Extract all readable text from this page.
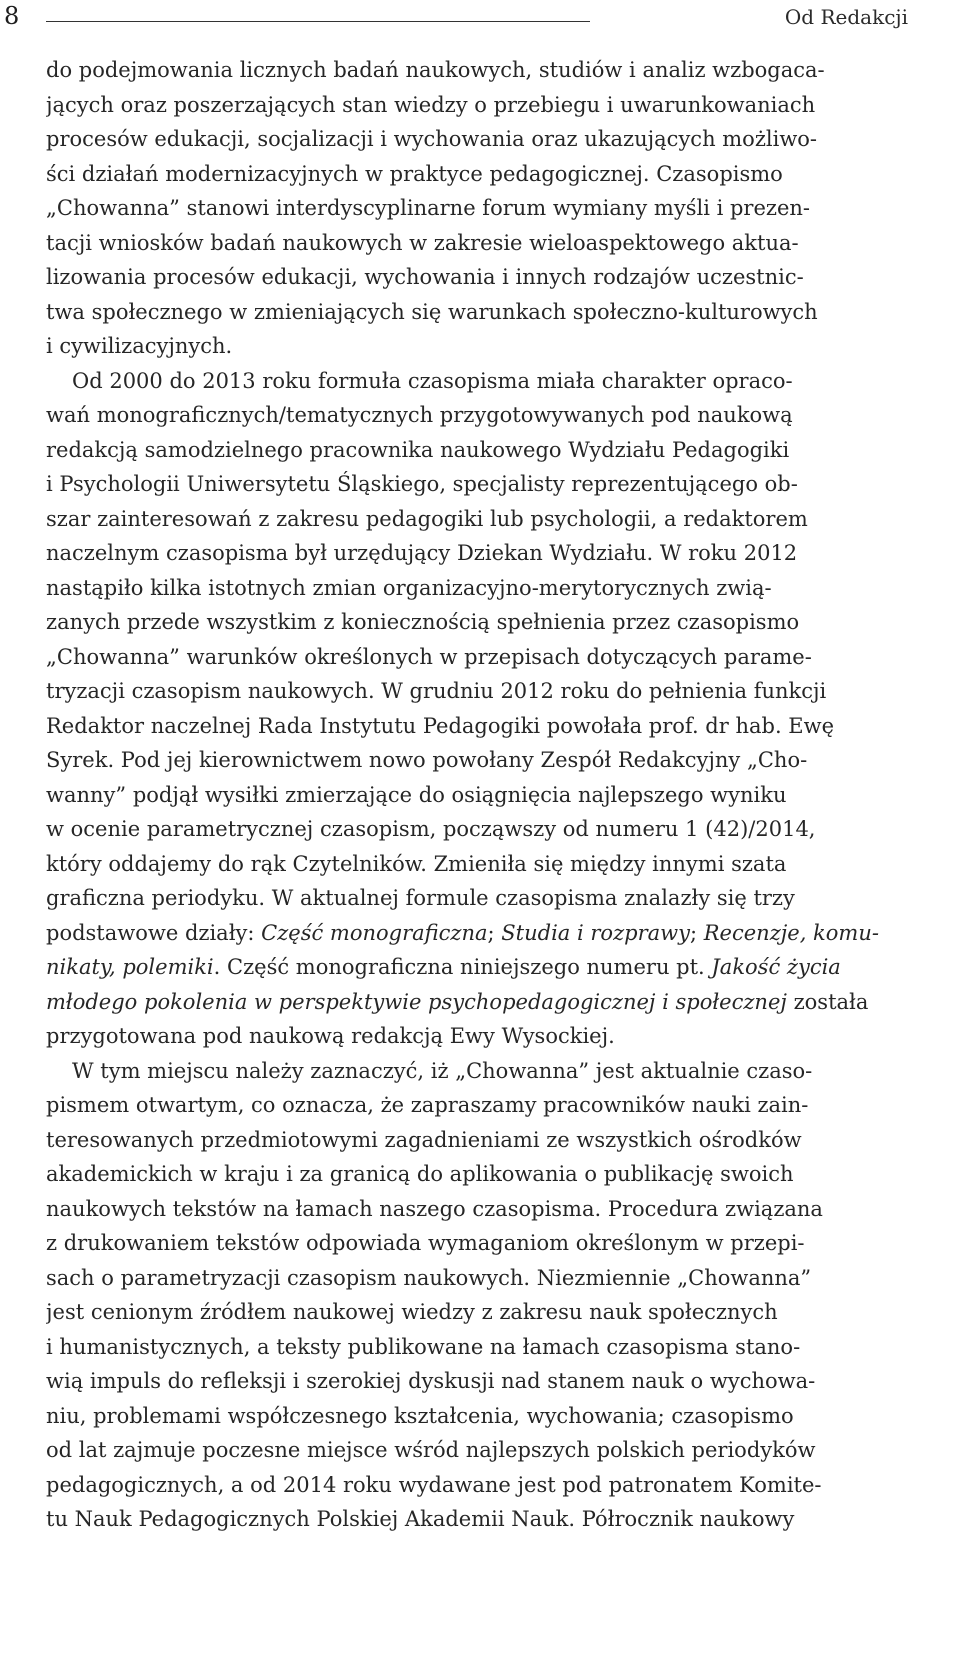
8	Od Redakcji
do podejmowania licznych badań naukowych, studiów i analiz wzbogaca-
jących oraz poszerzających stan wiedzy o przebiegu i uwarunkowaniach
procesów edukacji, socjalizacji i wychowania oraz ukazujących możliwo-
ści działań modernizacyjnych w praktyce pedagogicznej. Czasopismo
„Chowanna” stanowi interdyscyplinarne forum wymiany myśli i prezen-
tacji wniosków badań naukowych w zakresie wieloaspektowego aktua-
lizowania procesów edukacji, wychowania i innych rodzajów uczestnic-
twa społecznego w zmieniających się warunkach społeczno-kulturowych
i cywilizacyjnych.
Od 2000 do 2013 roku formuła czasopisma miała charakter opraco-
wań monograficznych/tematycznych przygotowywanych pod naukową
redakcją samodzielnego pracownika naukowego Wydziału Pedagogiki
i Psychologii Uniwersytetu Śląskiego, specjalisty reprezentującego ob-
szar zainteresowań z zakresu pedagogiki lub psychologii, a redaktorem
naczelnym czasopisma był urzędujący Dziekan Wydziału. W roku 2012
nastąpiło kilka istotnych zmian organizacyjno-merytorycznych zwią-
zanych przede wszystkim z koniecznością spełnienia przez czasopismo
„Chowanna” warunków określonych w przepisach dotyczących parame-
tryzacji czasopism naukowych. W grudniu 2012 roku do pełnienia funkcji
Redaktor naczelnej Rada Instytutu Pedagogiki powołała prof. dr hab. Ewę
Syrek. Pod jej kierownictwem nowo powołany Zespół Redakcyjny „Cho-
wanny” podjął wysiłki zmierzające do osiągnięcia najlepszego wyniku
w ocenie parametrycznej czasopism, począwszy od numeru 1 (42)/2014,
który oddajemy do rąk Czytelników. Zmieniła się między innymi szata
graficzna periodyku. W aktualnej formule czasopisma znalazły się trzy
podstawowe działy: Część monograficzna; Studia i rozprawy; Recenzje, komu-
nikaty, polemiki. Część monograficzna niniejszego numeru pt. Jakość życia
młodego pokolenia w perspektywie psychopedagogicznej i społecznej została
przygotowana pod naukową redakcją Ewy Wysockiej.
W tym miejscu należy zaznaczyć, iż „Chowanna” jest aktualnie czaso-
pismem otwartym, co oznacza, że zapraszamy pracowników nauki zain-
teresowanych przedmiotowymi zagadnieniami ze wszystkich ośrodków
akademickich w kraju i za granicą do aplikowania o publikację swoich
naukowych tekstów na łamach naszego czasopisma. Procedura związana
z drukowaniem tekstów odpowiada wymaganiom określonym w przepi-
sach o parametryzacji czasopism naukowych. Niezmiennie „Chowanna”
jest cenionym źródłem naukowej wiedzy z zakresu nauk społecznych
i humanistycznych, a teksty publikowane na łamach czasopisma stano-
wią impuls do refleksji i szerokiej dyskusji nad stanem nauk o wychowa-
niu, problemami współczesnego kształcenia, wychowania; czasopismo
od lat zajmuje poczesne miejsce wśród najlepszych polskich periodyków
pedagogicznych, a od 2014 roku wydawane jest pod patronatem Komite-
tu Nauk Pedagogicznych Polskiej Akademii Nauk. Półrocznik naukowy
